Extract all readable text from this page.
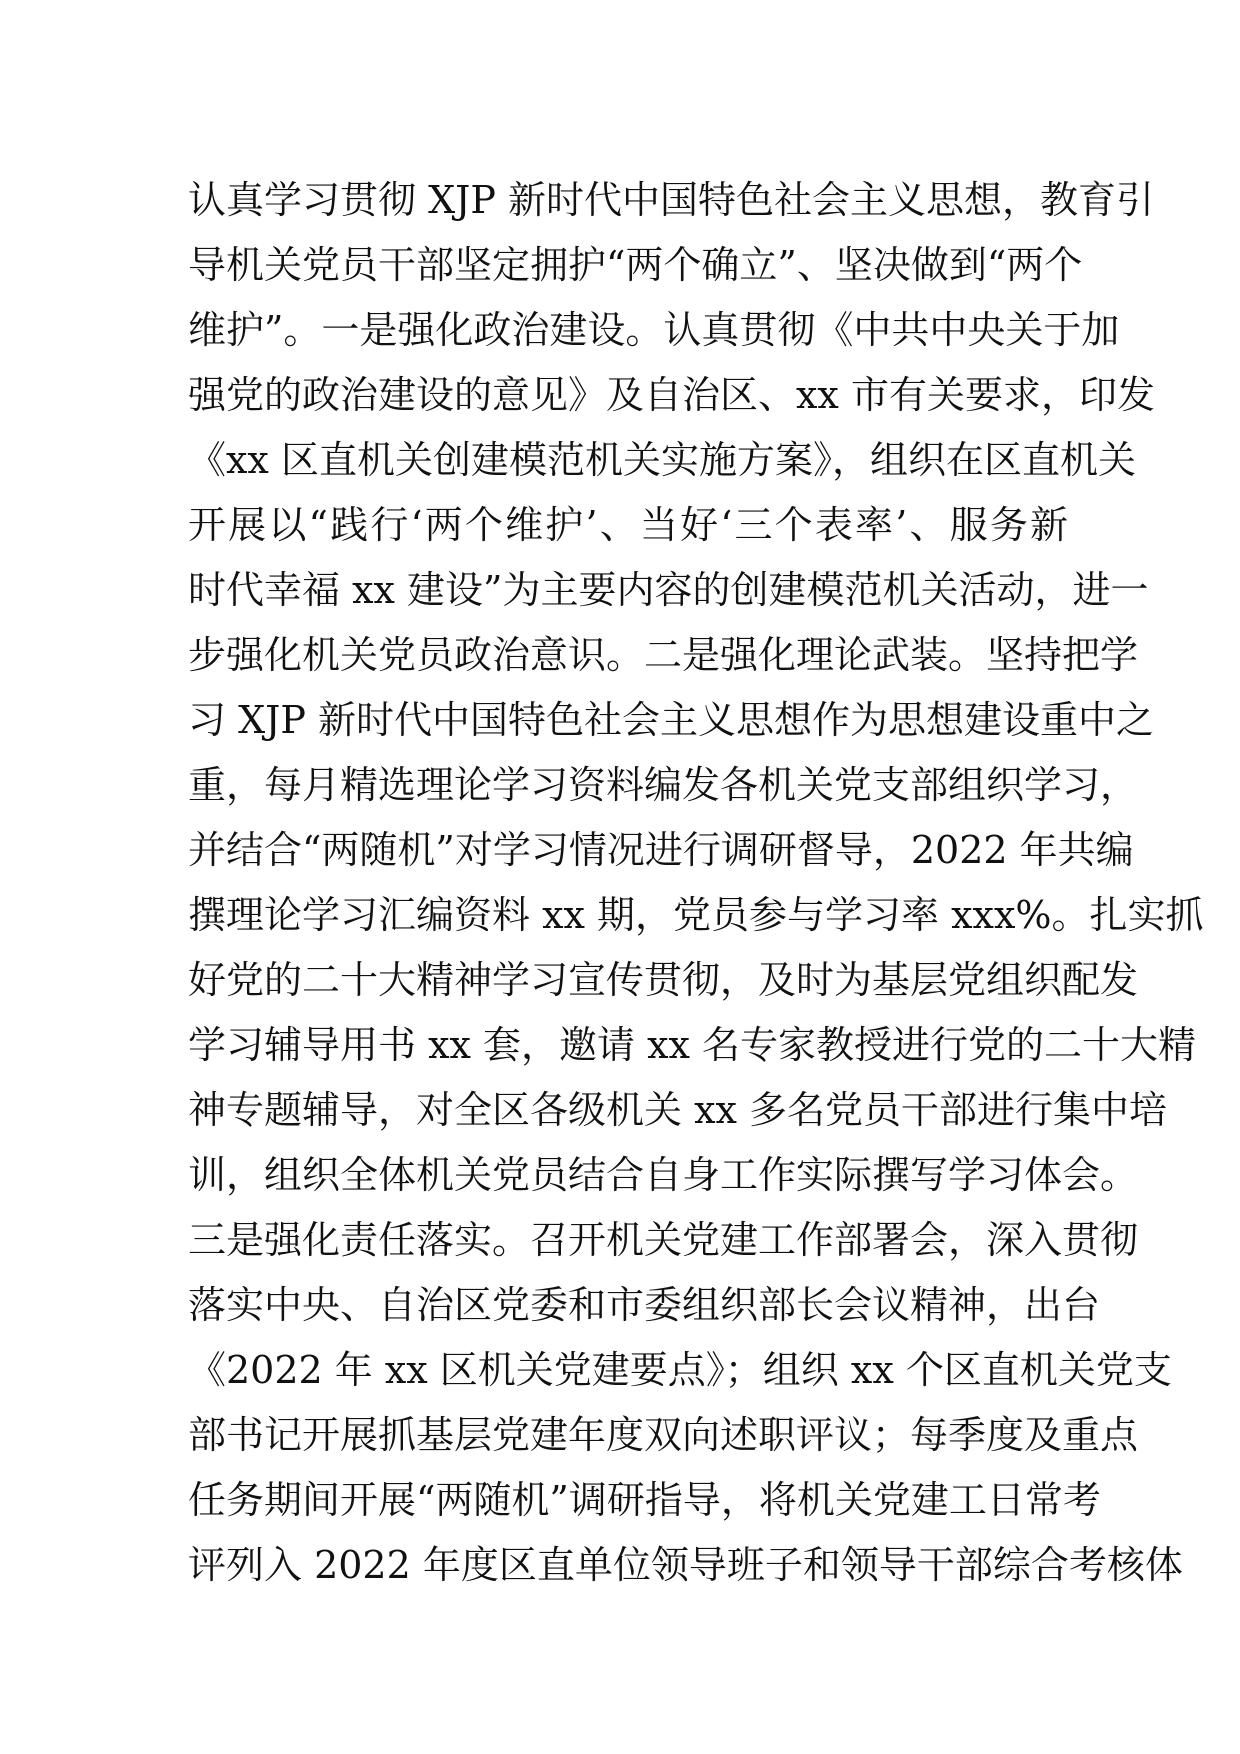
认真学习贯彻 XJP 新时代中国特色社会主义思想，教育引
导机关党员干部坚定拥护“两个确立”、坚决做到“两个
维护”。一是强化政治建设。认真贯彻《中共中央关于加
强党的政治建设的意见》及自治区、xx 市有关要求，印发
《xx 区直机关创建模范机关实施方案》，组织在区直机关
开展以“践行‘两个维护’、当好‘三个表率’、服务新
时代幸福 xx 建设”为主要内容的创建模范机关活动，进一
步强化机关党员政治意识。二是强化理论武装。坚持把学
习 XJP 新时代中国特色社会主义思想作为思想建设重中之
重，每月精选理论学习资料编发各机关党支部组织学习，
并结合“两随机”对学习情况进行调研督导，2022 年共编
撰理论学习汇编资料 xx 期，党员参与学习率 xxx%。扎实抓
好党的二十大精神学习宣传贯彻，及时为基层党组织配发
学习辅导用书 xx 套，邀请 xx 名专家教授进行党的二十大精
神专题辅导，对全区各级机关 xx 多名党员干部进行集中培
训，组织全体机关党员结合自身工作实际撰写学习体会。
三是强化责任落实。召开机关党建工作部署会，深入贯彻
落实中央、自治区党委和市委组织部长会议精神，出台
《2022 年 xx 区机关党建要点》；组织 xx 个区直机关党支
部书记开展抓基层党建年度双向述职评议；每季度及重点
任务期间开展“两随机”调研指导，将机关党建工日常考
评列入 2022 年度区直单位领导班子和领导干部综合考核体
